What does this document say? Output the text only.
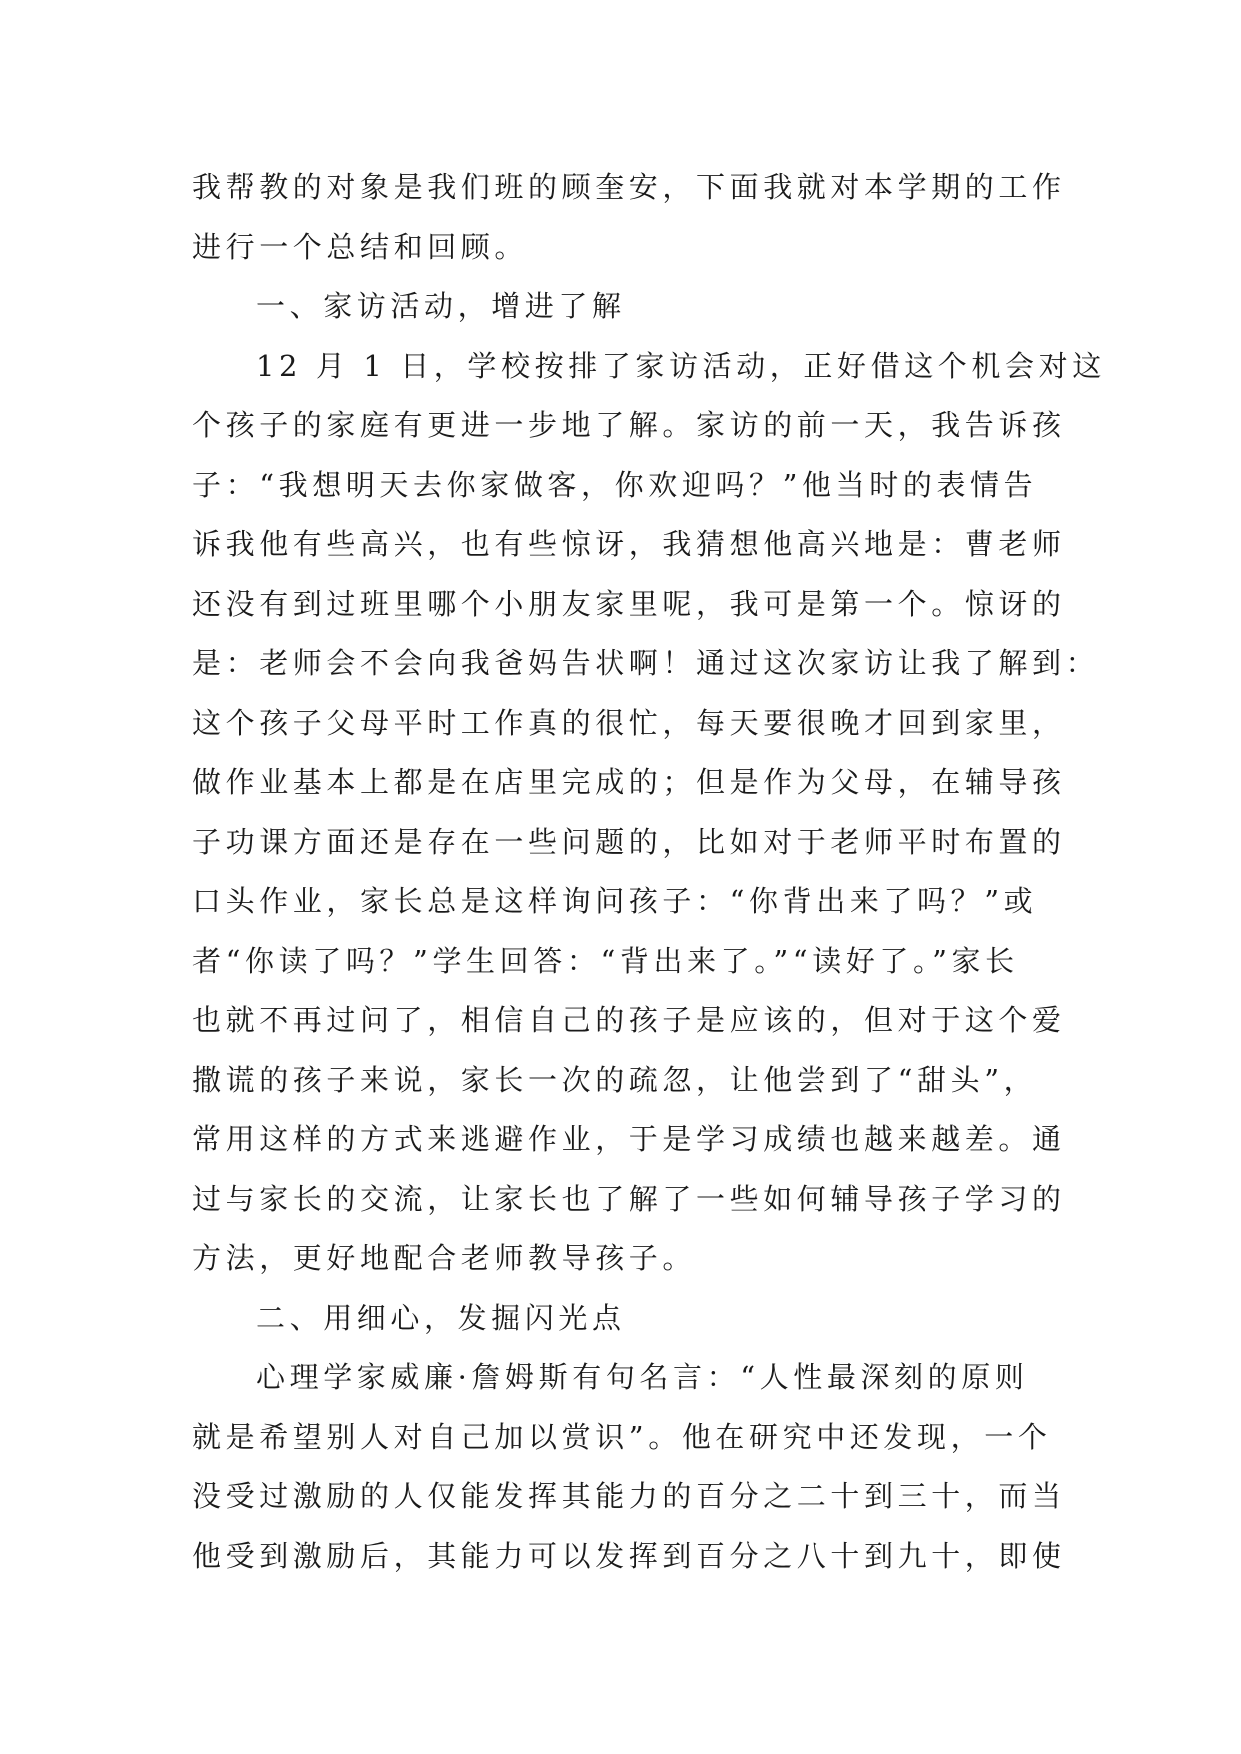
我帮教的对象是我们班的顾奎安，下面我就对本学期的工作
进行一个总结和回顾。
一、家访活动，增进了解
12 月 1 日，学校按排了家访活动，正好借这个机会对这
个孩子的家庭有更进一步地了解。家访的前一天，我告诉孩
子：“我想明天去你家做客，你欢迎吗？”他当时的表情告
诉我他有些高兴，也有些惊讶，我猜想他高兴地是：曹老师
还没有到过班里哪个小朋友家里呢，我可是第一个。惊讶的
是：老师会不会向我爸妈告状啊！通过这次家访让我了解到：
这个孩子父母平时工作真的很忙，每天要很晚才回到家里，
做作业基本上都是在店里完成的；但是作为父母，在辅导孩
子功课方面还是存在一些问题的，比如对于老师平时布置的
口头作业，家长总是这样询问孩子：“你背出来了吗？”或
者“你读了吗？”学生回答：“背出来了。”“读好了。”家长
也就不再过问了，相信自己的孩子是应该的，但对于这个爱
撒谎的孩子来说，家长一次的疏忽，让他尝到了“甜头”，
常用这样的方式来逃避作业，于是学习成绩也越来越差。通
过与家长的交流，让家长也了解了一些如何辅导孩子学习的
方法，更好地配合老师教导孩子。
二、用细心，发掘闪光点
心理学家威廉·詹姆斯有句名言：“人性最深刻的原则
就是希望别人对自己加以赏识”。他在研究中还发现，一个
没受过激励的人仅能发挥其能力的百分之二十到三十，而当
他受到激励后，其能力可以发挥到百分之八十到九十，即使
